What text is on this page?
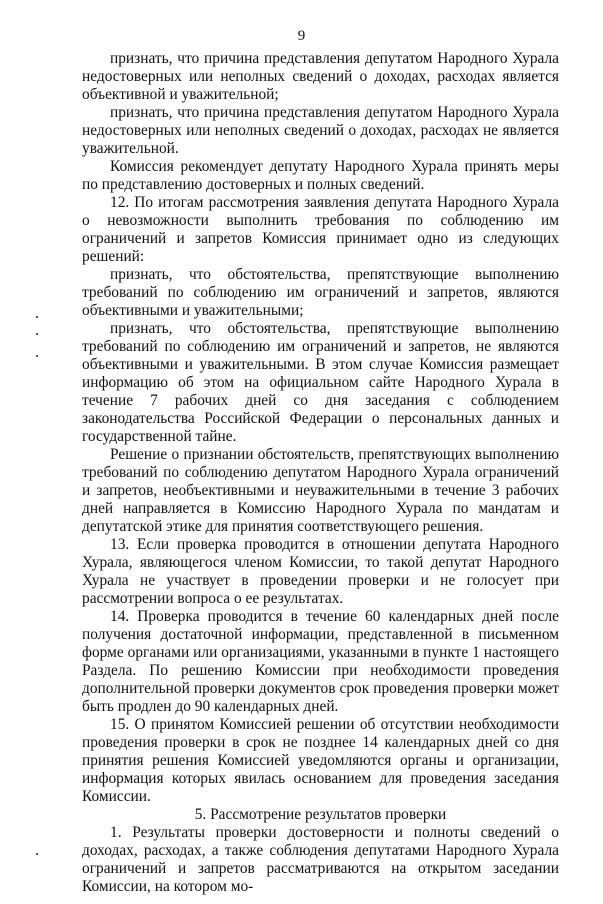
9

признать, что причина представления депутатом Народного Хурала недостоверных или неполных сведений о доходах, расходах является объективной и уважительной;

признать, что причина представления депутатом Народного Хурала недостоверных или неполных сведений о доходах, расходах не является уважительной.

Комиссия рекомендует депутату Народного Хурала принять меры по представлению достоверных и полных сведений.

12. По итогам рассмотрения заявления депутата Народного Хурала о невозможности выполнить требования по соблюдению им ограничений и запретов Комиссия принимает одно из следующих решений:

признать, что обстоятельства, препятствующие выполнению требований по соблюдению им ограничений и запретов, являются объективными и уважительными;

признать, что обстоятельства, препятствующие выполнению требований по соблюдению им ограничений и запретов, не являются объективными и уважительными. В этом случае Комиссия размещает информацию об этом на официальном сайте Народного Хурала в течение 7 рабочих дней со дня заседания с соблюдением законодательства Российской Федерации о персональных данных и государственной тайне.

Решение о признании обстоятельств, препятствующих выполнению требований по соблюдению депутатом Народного Хурала ограничений и запретов, необъективными и неуважительными в течение 3 рабочих дней направляется в Комиссию Народного Хурала по мандатам и депутатской этике для принятия соответствующего решения.

13. Если проверка проводится в отношении депутата Народного Хурала, являющегося членом Комиссии, то такой депутат Народного Хурала не участвует в проведении проверки и не голосует при рассмотрении вопроса о ее результатах.

14. Проверка проводится в течение 60 календарных дней после получения достаточной информации, представленной в письменном форме органами или организациями, указанными в пункте 1 настоящего Раздела. По решению Комиссии при необходимости проведения дополнительной проверки документов срок проведения проверки может быть продлен до 90 календарных дней.

15. О принятом Комиссией решении об отсутствии необходимости проведения проверки в срок не позднее 14 календарных дней со дня принятия решения Комиссией уведомляются органы и организации, информация которых явилась основанием для проведения заседания Комиссии.

5. Рассмотрение результатов проверки

1. Результаты проверки достоверности и полноты сведений о доходах, расходах, а также соблюдения депутатами Народного Хурала ограничений и запретов рассматриваются на открытом заседании Комиссии, на котором мо-
